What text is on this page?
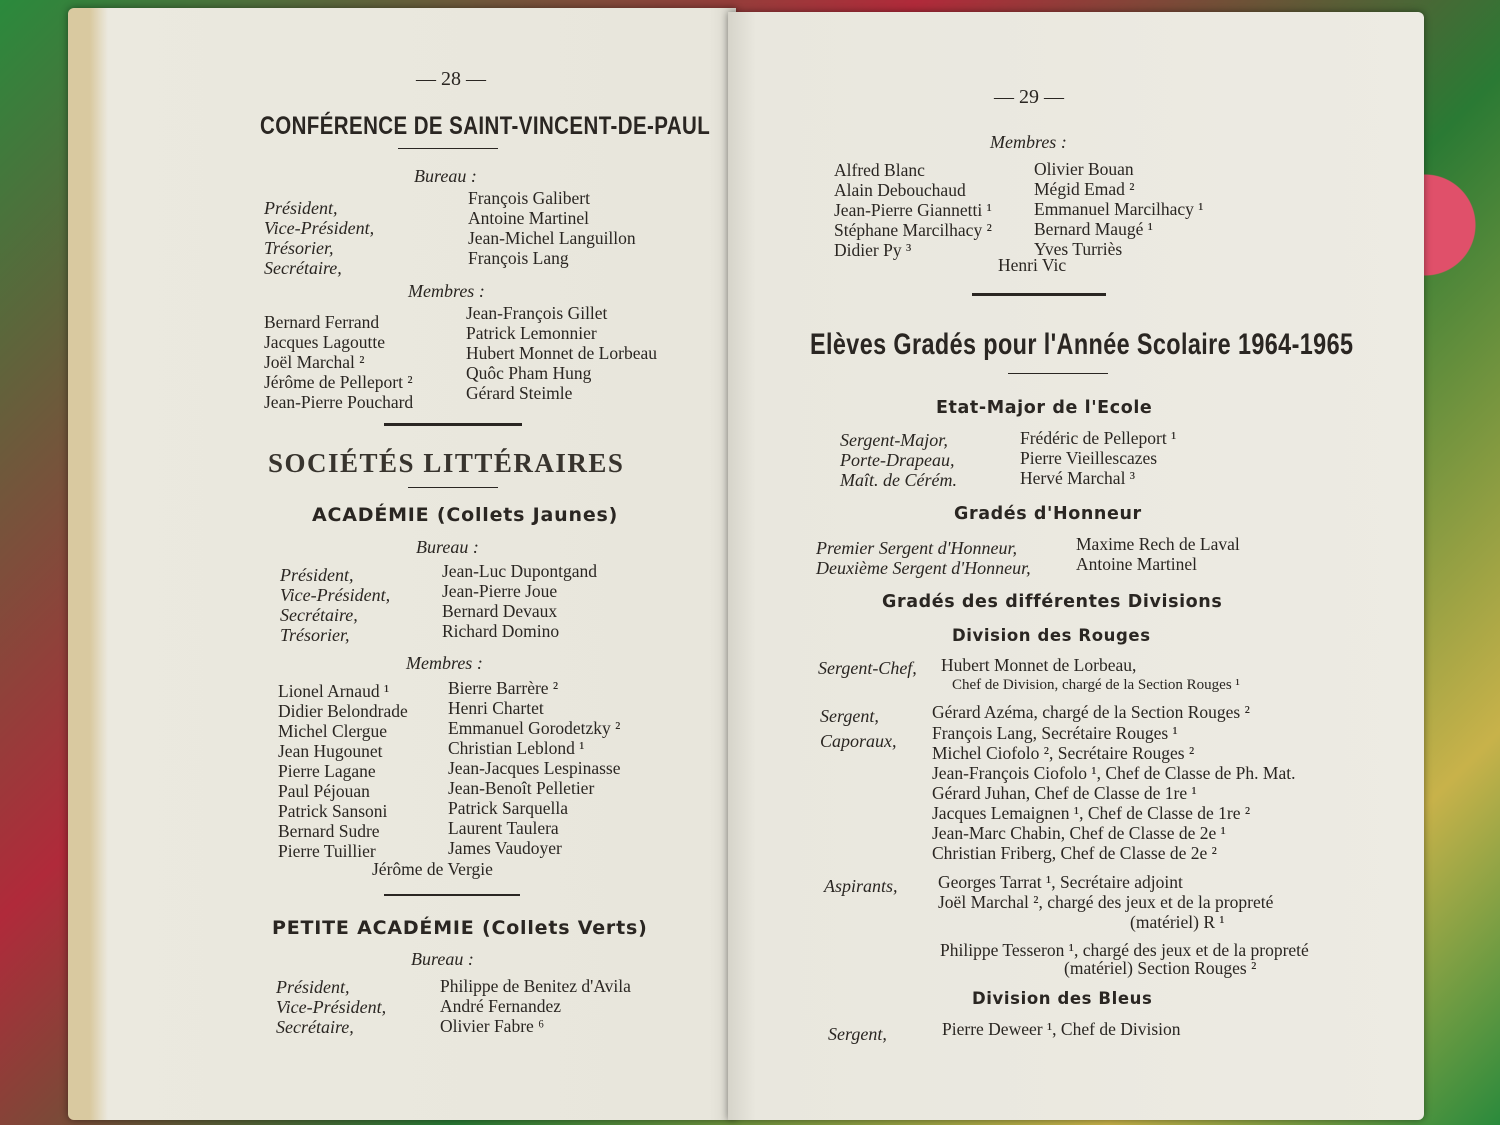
— 28 —
CONFÉRENCE DE SAINT-VINCENT-DE-PAUL
Bureau :
Président,
Vice-Président,
Trésorier,
Secrétaire,
François Galibert
Antoine Martinel
Jean-Michel Languillon
François Lang
Membres :
Bernard Ferrand
Jacques Lagoutte
Joël Marchal ²
Jérôme de Pelleport ²
Jean-Pierre Pouchard
Jean-François Gillet
Patrick Lemonnier
Hubert Monnet de Lorbeau
Quôc Pham Hung
Gérard Steimle
SOCIÉTÉS LITTÉRAIRES
ACADÉMIE (Collets Jaunes)
Bureau :
Président,
Vice-Président,
Secrétaire,
Trésorier,
Jean-Luc Dupontgand
Jean-Pierre Joue
Bernard Devaux
Richard Domino
Membres :
Lionel Arnaud ¹
Didier Belondrade
Michel Clergue
Jean Hugounet
Pierre Lagane
Paul Péjouan
Patrick Sansoni
Bernard Sudre
Pierre Tuillier
Bierre Barrère ²
Henri Chartet
Emmanuel Gorodetzky ²
Christian Leblond ¹
Jean-Jacques Lespinasse
Jean-Benoît Pelletier
Patrick Sarquella
Laurent Taulera
James Vaudoyer
Jérôme de Vergie
PETITE ACADÉMIE (Collets Verts)
Bureau :
Président,
Vice-Président,
Secrétaire,
Philippe de Benitez d'Avila
André Fernandez
Olivier Fabre ⁶
— 29 —
Membres :
Alfred Blanc
Alain Debouchaud
Jean-Pierre Giannetti ¹
Stéphane Marcilhacy ²
Didier Py ³
Olivier Bouan
Mégid Emad ²
Emmanuel Marcilhacy ¹
Bernard Maugé ¹
Yves Turriès
Henri Vic
Elèves Gradés pour l'Année Scolaire 1964-1965
Etat-Major de l'Ecole
Sergent-Major,
Porte-Drapeau,
Maît. de Cérém.
Frédéric de Pelleport ¹
Pierre Vieillescazes
Hervé Marchal ³
Gradés d'Honneur
Premier Sergent d'Honneur,
Deuxième Sergent d'Honneur,
Maxime Rech de Laval
Antoine Martinel
Gradés des différentes Divisions
Division des Rouges
Sergent-Chef, Hubert Monnet de Lorbeau,
Chef de Division, chargé de la Section Rouges ¹
Sergent,	Gérard Azéma, chargé de la Section Rouges ²
Caporaux, François Lang, Secrétaire Rouges ¹
Michel Ciofolo ², Secrétaire Rouges ²
Jean-François Ciofolo ¹, Chef de Classe de Ph. Mat.
Gérard Juhan, Chef de Classe de 1re ¹
Jacques Lemaignen ¹, Chef de Classe de 1re ²
Jean-Marc Chabin, Chef de Classe de 2e ¹
Christian Friberg, Chef de Classe de 2e ²
Aspirants, Georges Tarrat ¹, Secrétaire adjoint
Joël Marchal ², chargé des jeux et de la propreté
(matériel) R ¹
Philippe Tesseron ¹, chargé des jeux et de la propreté
(matériel) Section Rouges ²
Division des Bleus
Sergent,	Pierre Deweer ¹, Chef de Division
